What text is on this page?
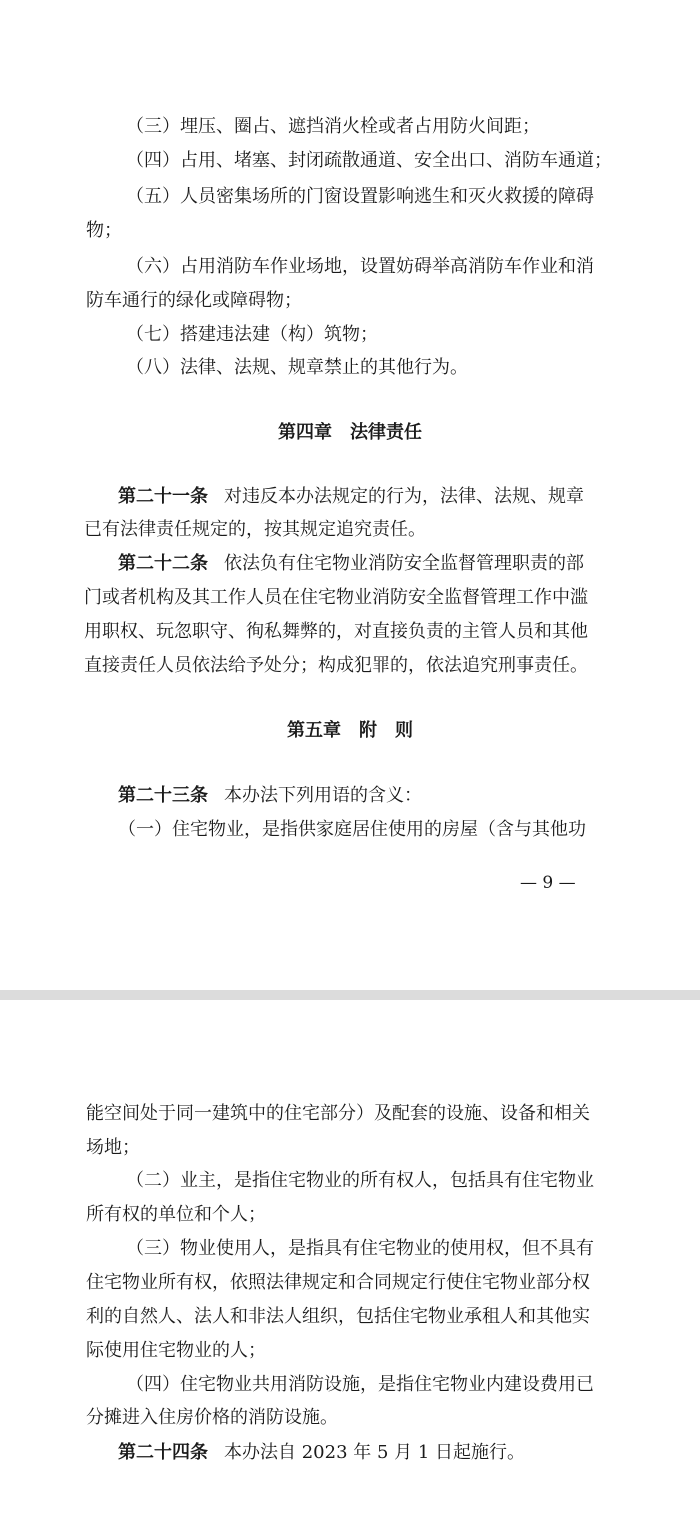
（三）埋压、圈占、遮挡消火栓或者占用防火间距；

（四）占用、堵塞、封闭疏散通道、安全出口、消防车通道；

（五）人员密集场所的门窗设置影响逃生和灭火救援的障碍

物；

（六）占用消防车作业场地，设置妨碍举高消防车作业和消

防车通行的绿化或障碍物；

（七）搭建违法建（构）筑物；

（八）法律、法规、规章禁止的其他行为。

第四章　法律责任

第二十一条 对违反本办法规定的行为，法律、法规、规章

已有法律责任规定的，按其规定追究责任。

第二十二条 依法负有住宅物业消防安全监督管理职责的部

门或者机构及其工作人员在住宅物业消防安全监督管理工作中滥

用职权、玩忽职守、徇私舞弊的，对直接负责的主管人员和其他

直接责任人员依法给予处分；构成犯罪的，依法追究刑事责任。

第五章　附　则

第二十三条 本办法下列用语的含义：

（一）住宅物业，是指供家庭居住使用的房屋（含与其他功

— 9 —

能空间处于同一建筑中的住宅部分）及配套的设施、设备和相关

场地；

（二）业主，是指住宅物业的所有权人，包括具有住宅物业

所有权的单位和个人；

（三）物业使用人，是指具有住宅物业的使用权，但不具有

住宅物业所有权，依照法律规定和合同规定行使住宅物业部分权

利的自然人、法人和非法人组织，包括住宅物业承租人和其他实

际使用住宅物业的人；

（四）住宅物业共用消防设施，是指住宅物业内建设费用已

分摊进入住房价格的消防设施。

第二十四条 本办法自 2023 年 5 月 1 日起施行。
